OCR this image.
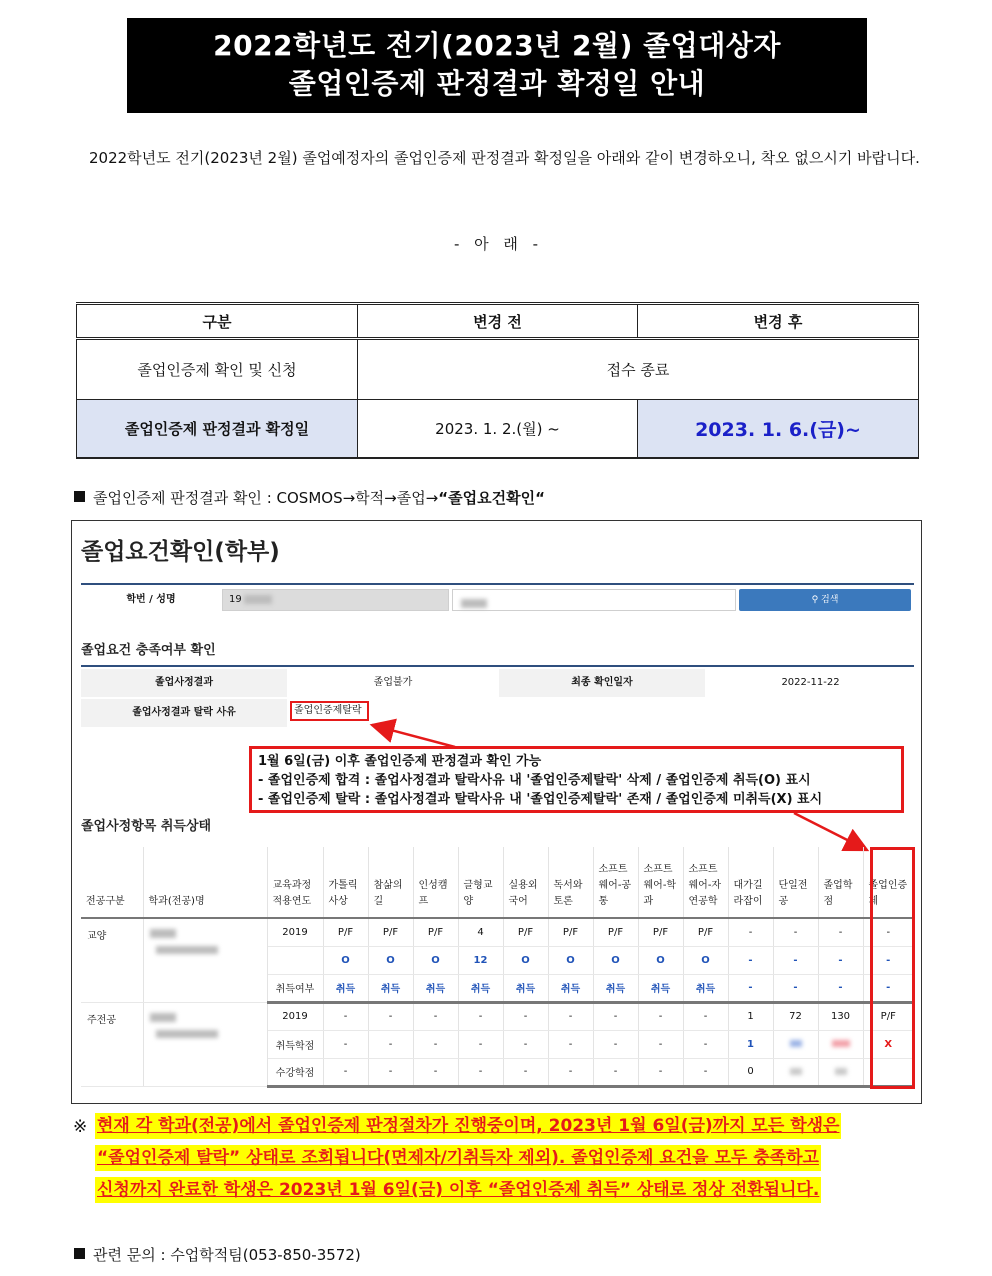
2022학년도 전기(2023년 2월) 졸업대상자
졸업인증제 판정결과 확정일 안내

2022학년도 전기(2023년 2월) 졸업예정자의 졸업인증제 판정결과 확정일을 아래와 같이 변경하오니, 착오 없으시기 바랍니다.

- 아 래 -
구분	변경 전	변경 후
졸업인증제 확인 및 신청	접수 종료	
졸업인증제 판정결과 확정일	2023. 1. 2.(월) ~	2023. 1. 6.(금)~
졸업인증제 판정결과 확인 : COSMOS→학적→졸업→“졸업요건확인“
졸업요건확인(학부)
학번 / 성명	19	⚲ 검색
졸업요건 충족여부 확인
졸업사정결과	졸업불가	최종 확인일자	2022-11-22
졸업사정결과 탈락 사유	졸업인증제탈락
1월 6일(금) 이후 졸업인증제 판정결과 확인 가능
- 졸업인증제 합격 : 졸업사정결과 탈락사유 내 '졸업인증제탈락' 삭제 / 졸업인증제 취득(O) 표시
- 졸업인증제 탈락 : 졸업사정결과 탈락사유 내 '졸업인증제탈락' 존재 / 졸업인증제 미취득(X) 표시
졸업사정항목 취득상태
전공구분	학과(전공)명	교육과정적용연도	가톨릭사상	참삶의길	인성캠프	글형교양	실용외국어	독서와토론	소프트웨어-공통	소프트웨어-학과	소프트웨어-자연공학	대가길라잡이	단일전공	졸업학점	졸업인증제
교양		2019	P/F	P/F	P/F	4	P/F	P/F	P/F	P/F	P/F	-	-	-	-
			O	O	O	12	O	O	O	O	O	-	-	-	-
		취득여부	취득	취득	취득	취득	취득	취득	취득	취득	취득	-	-	-	-
주전공		2019	-	-	-	-	-	-	-	-	-	1	72	130	P/F
		취득학점	-	-	-	-	-	-	-	-	-	1			X
		수강학점	-	-	-	-	-	-	-	-	-	0			
※ 현재 각 학과(전공)에서 졸업인증제 판정절차가 진행중이며, 2023년 1월 6일(금)까지 모든 학생은
“졸업인증제 탈락” 상태로 조회됩니다(면제자/기취득자 제외). 졸업인증제 요건을 모두 충족하고
신청까지 완료한 학생은 2023년 1월 6일(금) 이후 “졸업인증제 취득” 상태로 정상 전환됩니다.
관련 문의 : 수업학적팀(053-850-3572)
